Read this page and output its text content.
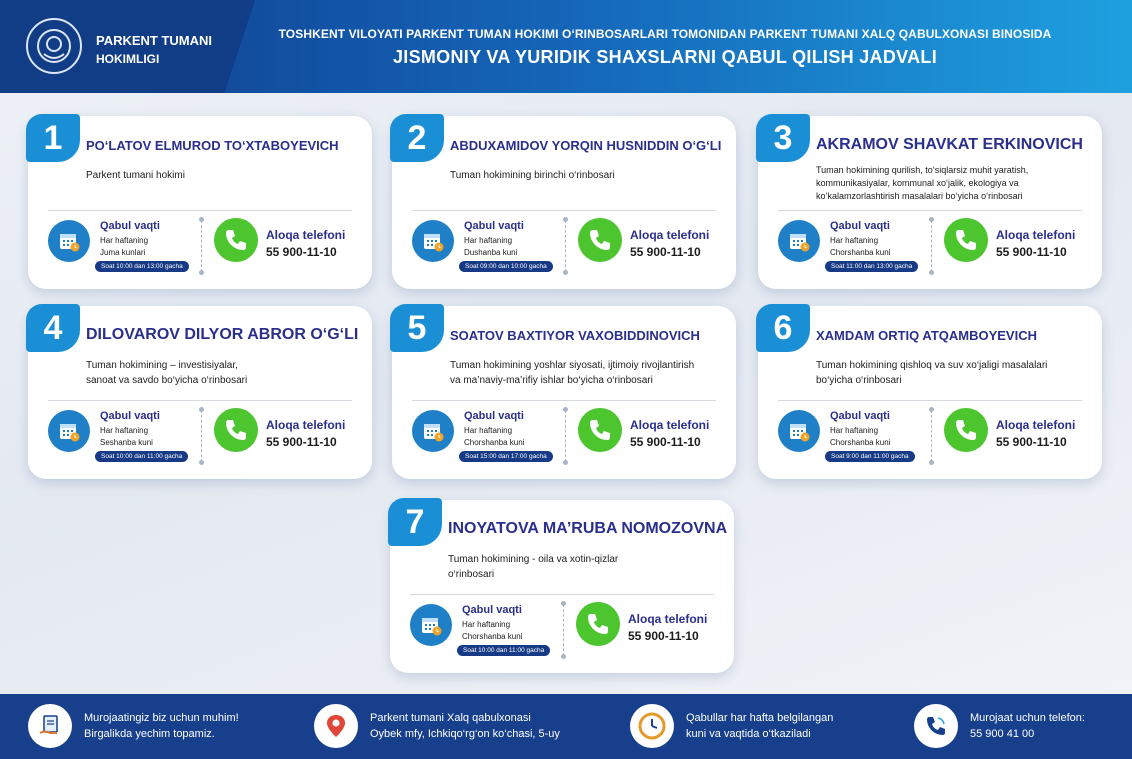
PARKENT TUMANI
HOKIMLIGI
TOSHKENT VILOYATI PARKENT TUMAN HOKIMI O‘RINBOSARLARI TOMONIDAN PARKENT TUMANI XALQ QABULXONASI BINOSIDA
JISMONIY VA YURIDIK SHAXSLARNI QABUL QILISH JADVALI
1	PO‘LATOV ELMUROD TO‘XTABOYEVICH
Parkent tumani hokimi
Qabul vaqti
Har haftaning
Juma kunlari
Soat 10:00 dan 13:00 gacha
Aloqa telefoni
55 900-11-10
2	ABDUXAMIDOV YORQIN HUSNIDDIN O‘G‘LI
Tuman hokimining birinchi o‘rinbosari
Qabul vaqti
Har haftaning
Dushanba kuni
Soat 09:00 dan 10:00 gacha
Aloqa telefoni
55 900-11-10
3	AKRAMOV SHAVKAT ERKINOVICH
Tuman hokimining qurilish, to‘siqlarsiz muhit yaratish,
kommunikasiyalar, kommunal xo‘jalik, ekologiya va
ko‘kalamzorlashtirish masalalari bo‘yicha o‘rinbosari
Qabul vaqti
Har haftaning
Chorshanba kuni
Soat 11:00 dan 13:00 gacha
Aloqa telefoni
55 900-11-10
4	DILOVAROV DILYOR ABROR O‘G‘LI
Tuman hokimining – investisiyalar,
sanoat va savdo bo‘yicha o‘rinbosari
Qabul vaqti
Har haftaning
Seshanba kuni
Soat 10:00 dan 11:00 gacha
Aloqa telefoni
55 900-11-10
5	SOATOV BAXTIYOR VAXOBIDDINOVICH
Tuman hokimining yoshlar siyosati, ijtimoiy rivojlantirish
va ma’naviy-ma’rifiy ishlar bo‘yicha o‘rinbosari
Qabul vaqti
Har haftaning
Chorshanba kuni
Soat 15:00 dan 17:00 gacha
Aloqa telefoni
55 900-11-10
6	XAMDAM ORTIQ ATQAMBOYEVICH
Tuman hokimining qishloq va suv xo‘jaligi masalalari
bo‘yicha o‘rinbosari
Qabul vaqti
Har haftaning
Chorshanba kuni
Soat 9:00 dan 11:00 gacha
Aloqa telefoni
55 900-11-10
7	INOYATOVA MA’RUBA NOMOZOVNA
Tuman hokimining - oila va xotin-qizlar
o‘rinbosari
Qabul vaqti
Har haftaning
Chorshanba kuni
Soat 10:00 dan 11:00 gacha
Aloqa telefoni
55 900-11-10
Murojaatingiz biz uchun muhim!
Birgalikda yechim topamiz.
Parkent tumani Xalq qabulxonasi
Oybek mfy, Ichkiqo‘rg‘on ko‘chasi, 5-uy
Qabullar har hafta belgilangan
kuni va vaqtida o‘tkaziladi
Murojaat uchun telefon:
55 900 41 00
